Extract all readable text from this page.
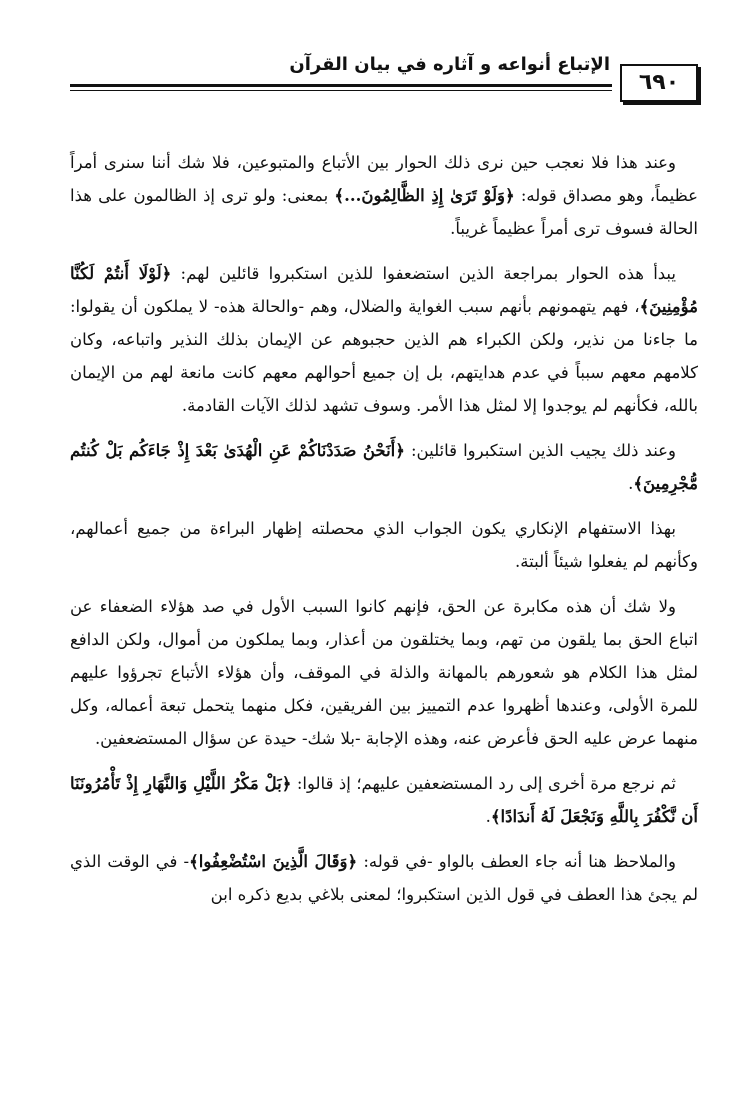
الإتباع أنواعه و آثاره في بيان القرآن
٦٩٠

وعند هذا فلا نعجب حين نرى ذلك الحوار بين الأتباع والمتبوعين، فلا شك أننا سنرى أمراً عظيماً، وهو مصداق قوله: ﴿وَلَوْ تَرَىٰ إِذِ الظَّالِمُونَ...﴾ بمعنى: ولو ترى إذ الظالمون على هذا الحالة فسوف ترى أمراً عظيماً غريباً.

يبدأ هذه الحوار بمراجعة الذين استضعفوا للذين استكبروا قائلين لهم: ﴿لَوْلَا أَنتُمْ لَكُنَّا مُؤْمِنِينَ﴾، فهم يتهمونهم بأنهم سبب الغواية والضلال، وهم -والحالة هذه- لا يملكون أن يقولوا: ما جاءنا من نذير، ولكن الكبراء هم الذين حجبوهم عن الإيمان بذلك النذير واتباعه، وكان كلامهم معهم سبباً في عدم هدايتهم، بل إن جميع أحوالهم معهم كانت مانعة لهم من الإيمان بالله، فكأنهم لم يوجدوا إلا لمثل هذا الأمر. وسوف تشهد لذلك الآيات القادمة.

وعند ذلك يجيب الذين استكبروا قائلين: ﴿أَنَحْنُ صَدَدْنَاكُمْ عَنِ الْهُدَىٰ بَعْدَ إِذْ جَاءَكُم بَلْ كُنتُم مُّجْرِمِينَ﴾.

بهذا الاستفهام الإنكاري يكون الجواب الذي محصلته إظهار البراءة من جميع أعمالهم، وكأنهم لم يفعلوا شيئاً ألبتة.

ولا شك أن هذه مكابرة عن الحق، فإنهم كانوا السبب الأول في صد هؤلاء الضعفاء عن اتباع الحق بما يلقون من تهم، وبما يختلقون من أعذار، وبما يملكون من أموال، ولكن الدافع لمثل هذا الكلام هو شعورهم بالمهانة والذلة في الموقف، وأن هؤلاء الأتباع تجرؤوا عليهم للمرة الأولى، وعندها أظهروا عدم التمييز بين الفريقين، فكل منهما يتحمل تبعة أعماله، وكل منهما عرض عليه الحق فأعرض عنه، وهذه الإجابة -بلا شك- حيدة عن سؤال المستضعفين.

ثم نرجع مرة أخرى إلى رد المستضعفين عليهم؛ إذ قالوا: ﴿بَلْ مَكْرُ اللَّيْلِ وَالنَّهَارِ إِذْ تَأْمُرُونَنَا أَن نَّكْفُرَ بِاللَّهِ وَنَجْعَلَ لَهُ أَندَادًا﴾.

والملاحظ هنا أنه جاء العطف بالواو -في قوله: ﴿وَقَالَ الَّذِينَ اسْتُضْعِفُوا﴾- في الوقت الذي لم يجئ هذا العطف في قول الذين استكبروا؛ لمعنى بلاغي بديع ذكره ابن
